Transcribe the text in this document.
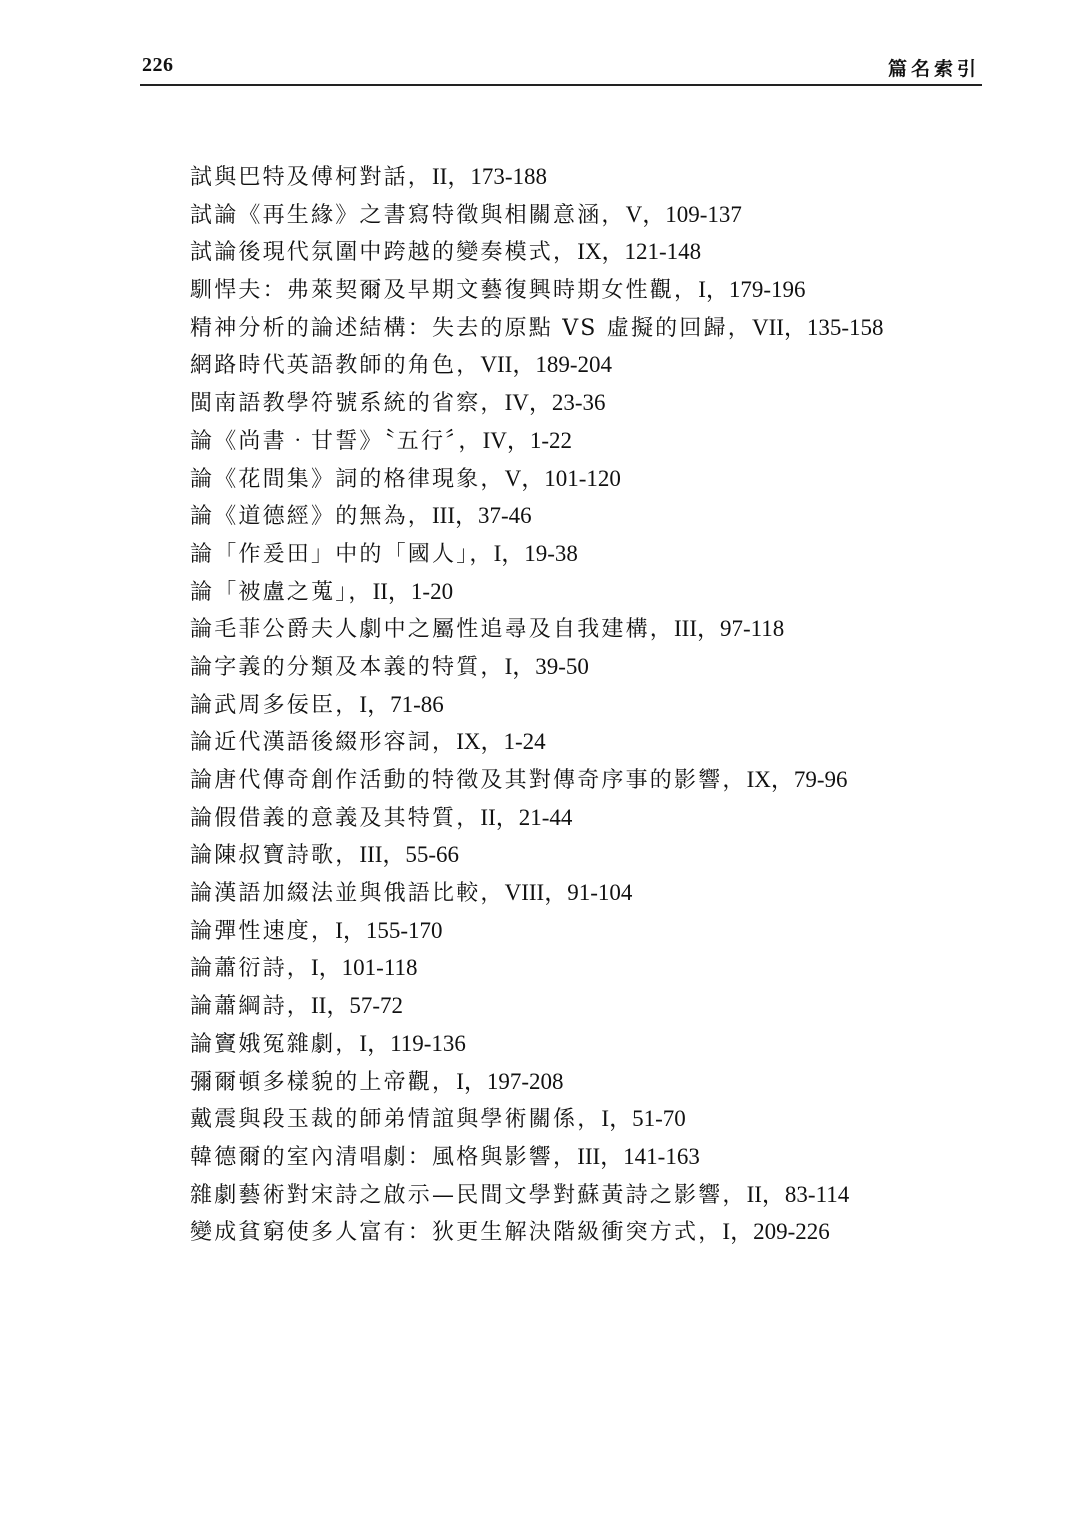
226	篇名索引
試與巴特及傅柯對話，II，173-188
試論《再生緣》之書寫特徵與相關意涵，V，109-137
試論後現代氛圍中跨越的變奏模式，IX，121-148
馴悍夫：弗萊契爾及早期文藝復興時期女性觀，I，179-196
精神分析的論述結構：失去的原點 VS 虛擬的回歸，VII，135-158
網路時代英語教師的角色，VII，189-204
閩南語教學符號系統的省察，IV，23-36
論《尚書‧甘誓》〝五行〞，IV，1-22
論《花間集》詞的格律現象，V，101-120
論《道德經》的無為，III，37-46
論「作爰田」中的「國人」，I，19-38
論「被盧之蒐」，II，1-20
論毛菲公爵夫人劇中之屬性追尋及自我建構，III，97-118
論字義的分類及本義的特質，I，39-50
論武周多佞臣，I，71-86
論近代漢語後綴形容詞，IX，1-24
論唐代傳奇創作活動的特徵及其對傳奇序事的影響，IX，79-96
論假借義的意義及其特質，II，21-44
論陳叔寶詩歌，III，55-66
論漢語加綴法並與俄語比較，VIII，91-104
論彈性速度，I，155-170
論蕭衍詩，I，101-118
論蕭綱詩，II，57-72
論竇娥冤雜劇，I，119-136
彌爾頓多樣貌的上帝觀，I，197-208
戴震與段玉裁的師弟情誼與學術關係，I，51-70
韓德爾的室內清唱劇：風格與影響，III，141-163
雜劇藝術對宋詩之啟示—民間文學對蘇黃詩之影響，II，83-114
變成貧窮使多人富有：狄更生解決階級衝突方式，I，209-226
